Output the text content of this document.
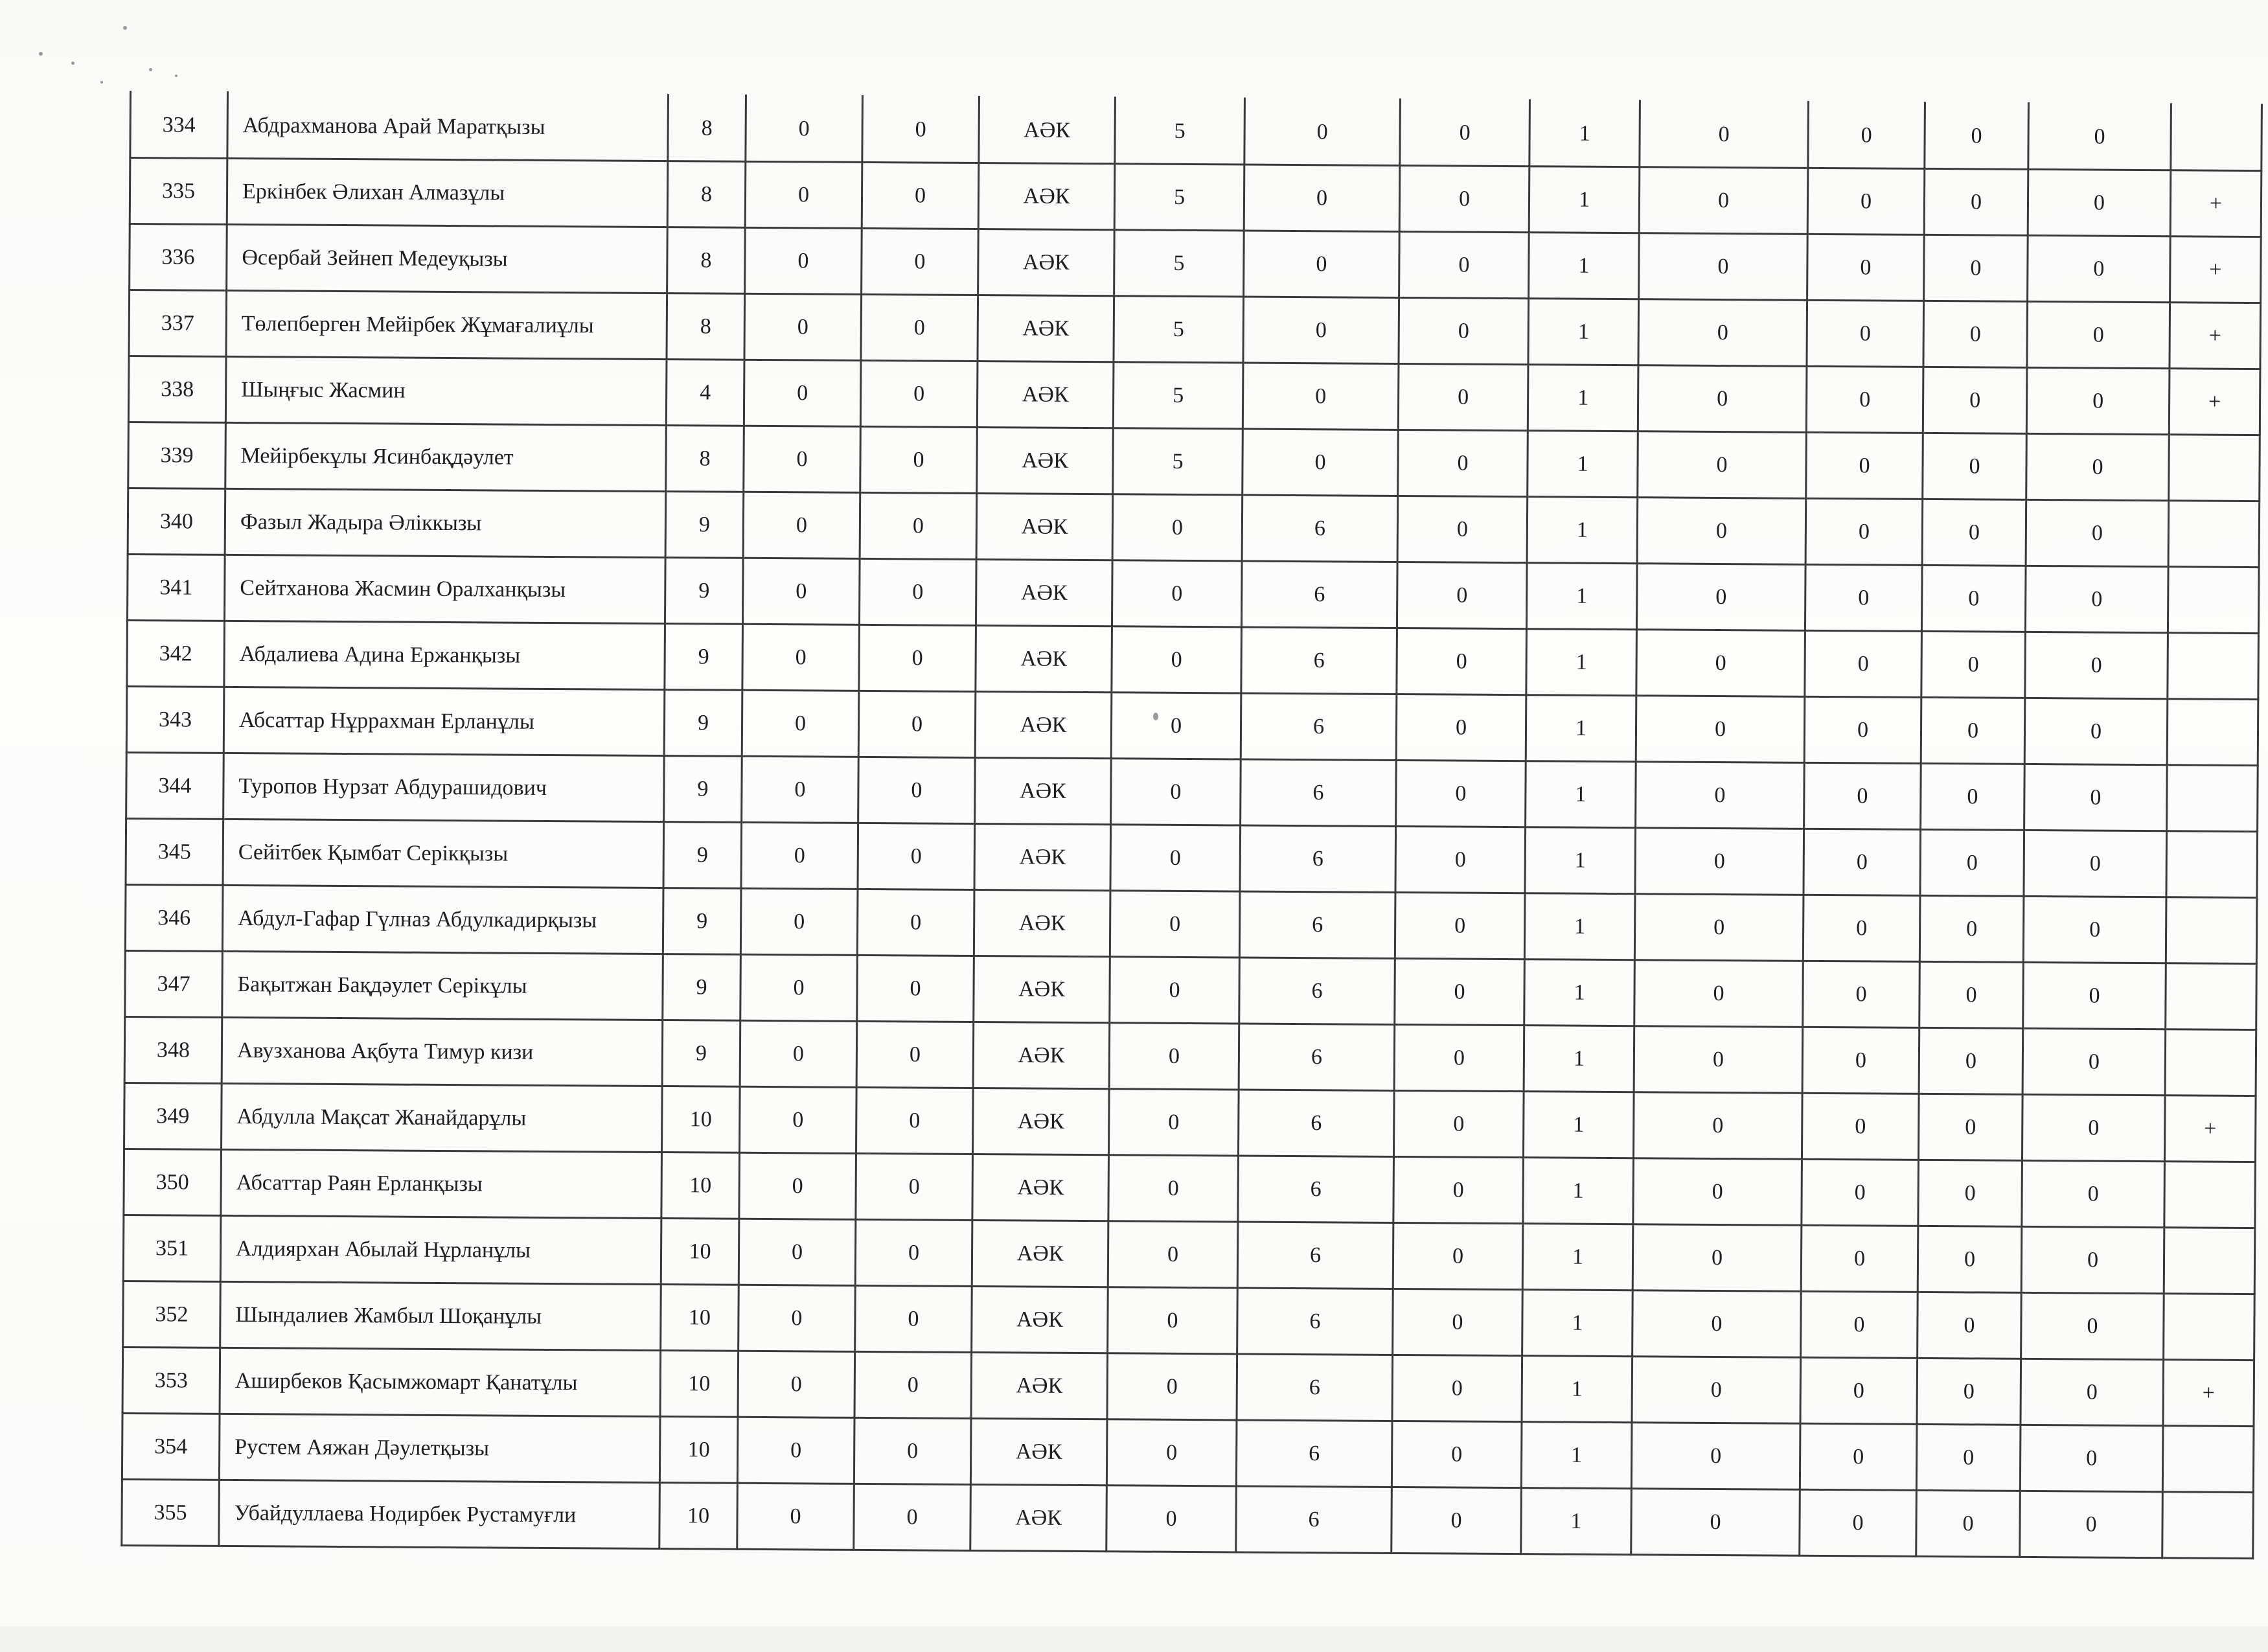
334	Абдрахманова Арай Маратқызы	8	0	0	АӘК	5	0	0	1	0	0	0	0	
335	Еркінбек Әлихан Алмазұлы	8	0	0	АӘК	5	0	0	1	0	0	0	0	+
336	Өсербай Зейнеп Медеуқызы	8	0	0	АӘК	5	0	0	1	0	0	0	0	+
337	Төлепберген Мейірбек Жұмағалиұлы	8	0	0	АӘК	5	0	0	1	0	0	0	0	+
338	Шыңғыс Жасмин	4	0	0	АӘК	5	0	0	1	0	0	0	0	+
339	Мейірбекұлы Ясинбақдәулет	8	0	0	АӘК	5	0	0	1	0	0	0	0	
340	Фазыл Жадыра Әліккызы	9	0	0	АӘК	0	6	0	1	0	0	0	0	
341	Сейтханова Жасмин Оралханқызы	9	0	0	АӘК	0	6	0	1	0	0	0	0	
342	Абдалиева Адина Ержанқызы	9	0	0	АӘК	0	6	0	1	0	0	0	0	
343	Абсаттар Нұррахман Ерланұлы	9	0	0	АӘК	0	6	0	1	0	0	0	0	
344	Туропов Нурзат Абдурашидович	9	0	0	АӘК	0	6	0	1	0	0	0	0	
345	Сейітбек Қымбат Серікқызы	9	0	0	АӘК	0	6	0	1	0	0	0	0	
346	Абдул-Гафар Гүлназ Абдулкадирқызы	9	0	0	АӘК	0	6	0	1	0	0	0	0	
347	Бақытжан Бақдәулет Серікұлы	9	0	0	АӘК	0	6	0	1	0	0	0	0	
348	Авузханова Ақбута Тимур кизи	9	0	0	АӘК	0	6	0	1	0	0	0	0	
349	Абдулла Мақсат Жанайдарұлы	10	0	0	АӘК	0	6	0	1	0	0	0	0	+
350	Абсаттар Раян Ерланқызы	10	0	0	АӘК	0	6	0	1	0	0	0	0	
351	Алдиярхан Абылай Нұрланұлы	10	0	0	АӘК	0	6	0	1	0	0	0	0	
352	Шындалиев Жамбыл Шоқанұлы	10	0	0	АӘК	0	6	0	1	0	0	0	0	
353	Аширбеков Қасымжомарт Қанатұлы	10	0	0	АӘК	0	6	0	1	0	0	0	0	+
354	Рустем Аяжан Дәулетқызы	10	0	0	АӘК	0	6	0	1	0	0	0	0	
355	Убайдуллаева Нодирбек Рустамуғли	10	0	0	АӘК	0	6	0	1	0	0	0	0	
